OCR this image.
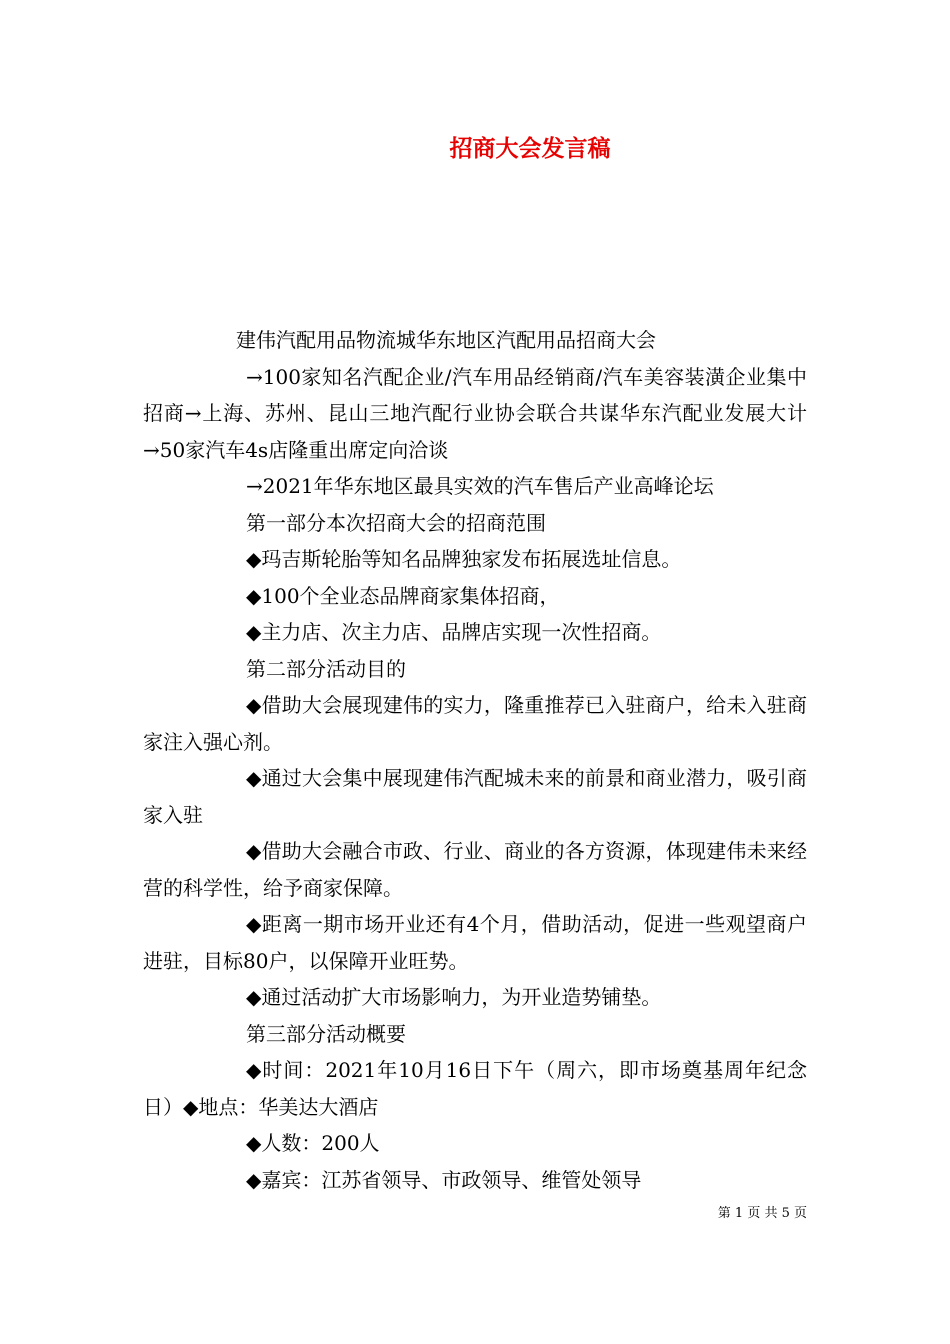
招商大会发言稿

建伟汽配用品物流城华东地区汽配用品招商大会

→100家知名汽配企业/汽车用品经销商/汽车美容装潢企业集中招商→上海、苏州、昆山三地汽配行业协会联合共谋华东汽配业发展大计→50家汽车4s店隆重出席定向洽谈

→2021年华东地区最具实效的汽车售后产业高峰论坛

第一部分本次招商大会的招商范围

◆玛吉斯轮胎等知名品牌独家发布拓展选址信息。

◆100个全业态品牌商家集体招商，

◆主力店、次主力店、品牌店实现一次性招商。

第二部分活动目的

◆借助大会展现建伟的实力，隆重推荐已入驻商户，给未入驻商家注入强心剂。

◆通过大会集中展现建伟汽配城未来的前景和商业潜力，吸引商家入驻

◆借助大会融合市政、行业、商业的各方资源，体现建伟未来经营的科学性，给予商家保障。

◆距离一期市场开业还有4个月，借助活动，促进一些观望商户进驻，目标80户，以保障开业旺势。

◆通过活动扩大市场影响力，为开业造势铺垫。

第三部分活动概要

◆时间：2021年10月16日下午（周六，即市场奠基周年纪念日）◆地点：华美达大酒店

◆人数：200人

◆嘉宾：江苏省领导、市政领导、维管处领导

第 1 页 共 5 页
